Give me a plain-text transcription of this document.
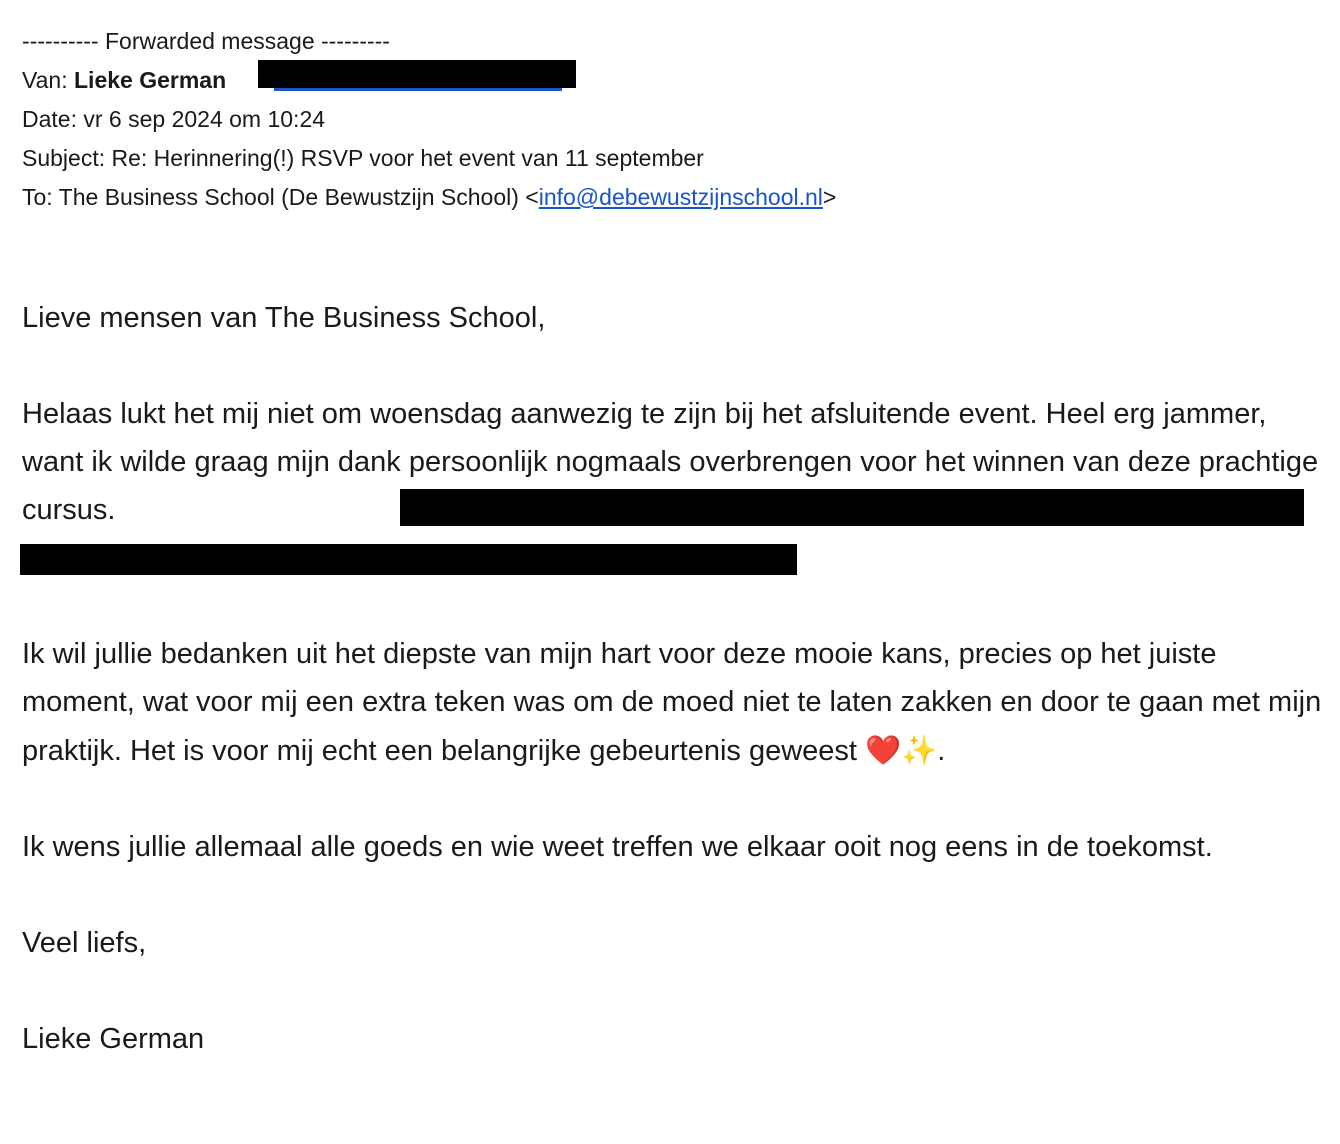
---------- Forwarded message ---------
Van: Lieke German
Date: vr 6 sep 2024 om 10:24
Subject: Re: Herinnering(!) RSVP voor het event van 11 september
To: The Business School (De Bewustzijn School) <info@debewustzijnschool.nl>

Lieve mensen van The Business School,

Helaas lukt het mij niet om woensdag aanwezig te zijn bij het afsluitende event. Heel erg jammer, want ik wilde graag mijn dank persoonlijk nogmaals overbrengen voor het winnen van deze prachtige cursus.

Ik wil jullie bedanken uit het diepste van mijn hart voor deze mooie kans, precies op het juiste moment, wat voor mij een extra teken was om de moed niet te laten zakken en door te gaan met mijn praktijk. Het is voor mij echt een belangrijke gebeurtenis geweest ❤️✨.

Ik wens jullie allemaal alle goeds en wie weet treffen we elkaar ooit nog eens in de toekomst.

Veel liefs,

Lieke German
